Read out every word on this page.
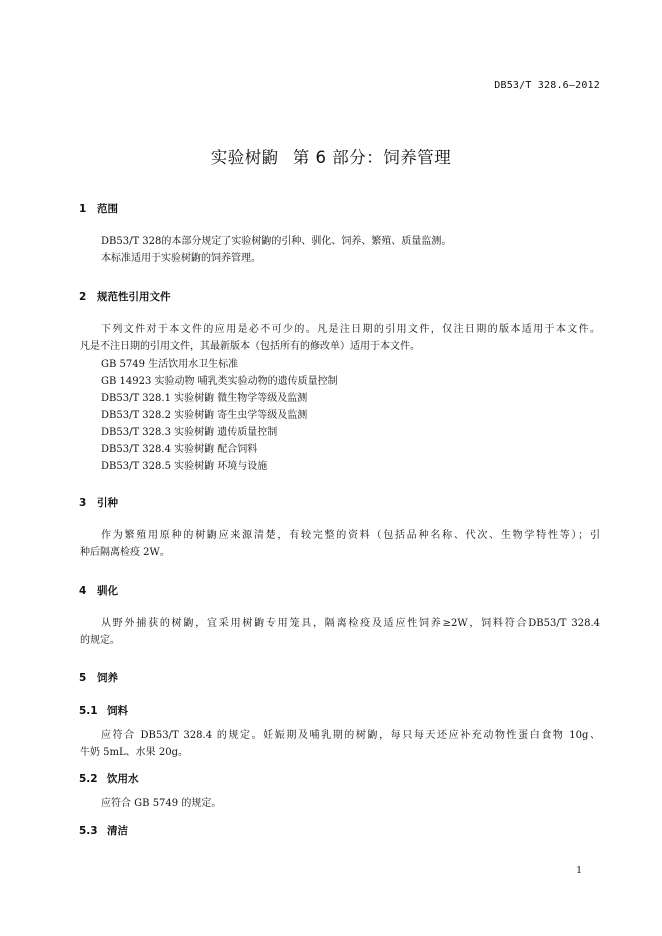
DB53/T 328.6—2012
实验树鼩 第 6 部分：饲养管理
1 范围
DB53/T 328的本部分规定了实验树鼩的引种、驯化、饲养、繁殖、质量监测。
本标准适用于实验树鼩的饲养管理。
2 规范性引用文件
下列文件对于本文件的应用是必不可少的。凡是注日期的引用文件，仅注日期的版本适用于本文件。
凡是不注日期的引用文件，其最新版本（包括所有的修改单）适用于本文件。
GB 5749 生活饮用水卫生标准
GB 14923 实验动物 哺乳类实验动物的遗传质量控制
DB53/T 328.1 实验树鼩 微生物学等级及监测
DB53/T 328.2 实验树鼩 寄生虫学等级及监测
DB53/T 328.3 实验树鼩 遗传质量控制
DB53/T 328.4 实验树鼩 配合饲料
DB53/T 328.5 实验树鼩 环境与设施
3 引种
作为繁殖用原种的树鼩应来源清楚，有较完整的资料（包括品种名称、代次、生物学特性等）；引
种后隔离检疫 2W。
4 驯化
从野外捕获的树鼩，宜采用树鼩专用笼具，隔离检疫及适应性饲养≥2W，饲料符合DB53/T 328.4
的规定。
5 饲养
5.1 饲料
应符合 DB53/T 328.4 的规定。妊娠期及哺乳期的树鼩，每只每天还应补充动物性蛋白食物 10g、
牛奶 5mL、水果 20g。
5.2 饮用水
应符合 GB 5749 的规定。
5.3 清洁
1
